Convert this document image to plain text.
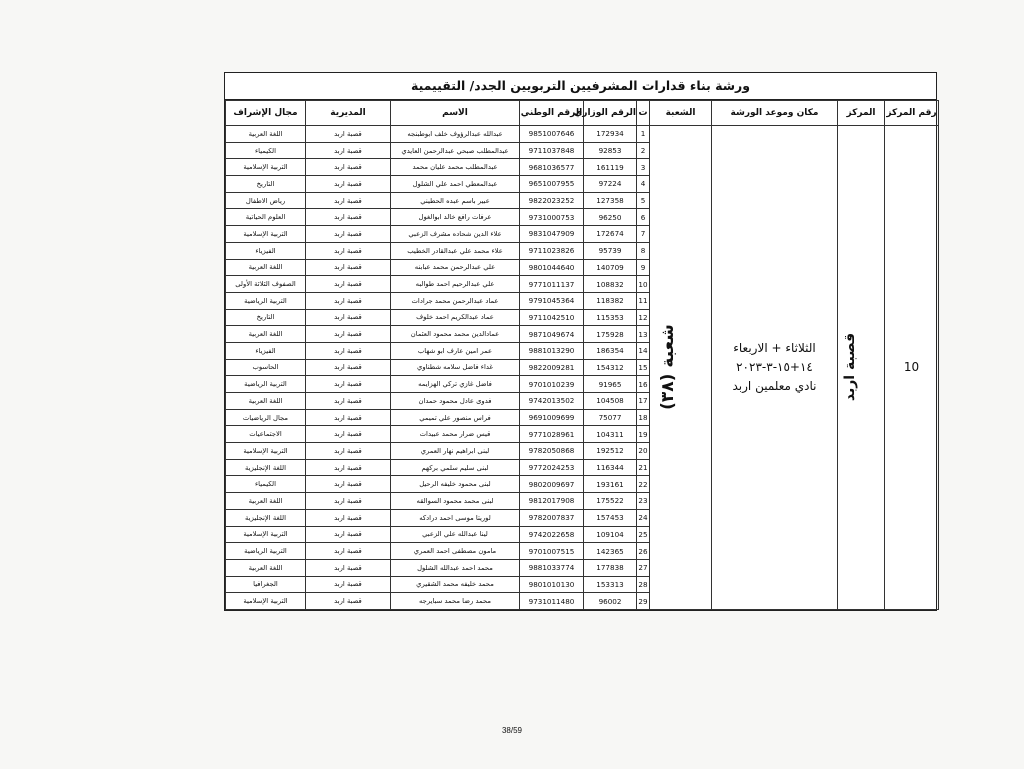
ورشة بناء قدارات المشرفيين التربويين الجدد/ التقييمية
رقم المركز	المركز	مكان وموعد الورشة	الشعبة	ت	الرقم الوزاري	الرقم الوطني	الاسم	المديرية	مجال الإشراف
10	قصبة اربد	الثلاثاء + الاربعاء
١٤+١٥-٣-٢٠٢٣
نادي معلمين اربد	شعبة (٣٨)	1	172934	9851007646	عبدالله عبدالرؤوف خلف ابوطبنجه	قصبة اربد	اللغة العربية
				2	92853	9711037848	عبدالمطلب صبحي عبدالرحمن العايدي	قصبة اربد	الكيمياء
				3	161119	9681036577	عبدالمطلب محمد عليان محمد	قصبة اربد	التربية الإسلامية
				4	97224	9651007955	عبدالمعطي احمد علي الشلول	قصبة اربد	التاريخ
				5	127358	9822023252	عبير باسم عبده الحطيني	قصبة اربد	رياض الاطفال
				6	96250	9731000753	عرفات رافع خالد ابوالغول	قصبة اربد	العلوم الحياتية
				7	172674	9831047909	علاء الدين شحاده مشرف الزعبي	قصبة اربد	التربية الإسلامية
				8	95739	9711023826	علاء محمد علي عبدالقادر الخطيب	قصبة اربد	الفيزياء
				9	140709	9801044640	علي عبدالرحمن محمد عبابنه	قصبة اربد	اللغة العربية
				10	108832	9771011137	علي عبدالرحيم احمد طوالبه	قصبة اربد	الصفوف الثلاثة الأولى
				11	118382	9791045364	عماد عبدالرحمن محمد جرادات	قصبة اربد	التربية الرياضية
				12	115353	9711042510	عماد عبدالكريم احمد خلوف	قصبة اربد	التاريخ
				13	175928	9871049674	عمادالدين محمد محمود العثمان	قصبة اربد	اللغة العربية
				14	186354	9881013290	عمر امين عارف ابو شهاب	قصبة اربد	الفيزياء
				15	154312	9822009281	غداء فاضل سلامه شطناوي	قصبة اربد	الحاسوب
				16	91965	9701010239	فاضل غازي تركي الهزايمه	قصبة اربد	التربية الرياضية
				17	104508	9742013502	فدوى عادل محمود حمدان	قصبة اربد	اللغة العربية
				18	75077	9691009699	فراس منصور علي تميمي	قصبة اربد	مجال الرياضيات
				19	104311	9771028961	قيس ضرار محمد عبيدات	قصبة اربد	الاجتماعيات
				20	192512	9782050868	لبنى ابراهيم نهار العمري	قصبة اربد	التربية الإسلامية
				21	116344	9772024253	لبنى سليم سلمي بركهم	قصبة اربد	اللغة الإنجليزية
				22	193161	9802009697	لبنى محمود خليفه الرحيل	قصبة اربد	الكيمياء
				23	175522	9812017908	لبنى محمد محمود السوالقه	قصبة اربد	اللغة العربية
				24	157453	9782007837	لوريتا موسى احمد درادكه	قصبة اربد	اللغة الإنجليزية
				25	109104	9742022658	لينا عبدالله علي الزعبي	قصبة اربد	التربية الإسلامية
				26	142365	9701007515	مامون مصطفى احمد العمري	قصبة اربد	التربية الرياضية
				27	177838	9881033774	محمد احمد عبدالله الشلول	قصبة اربد	اللغة العربية
				28	153313	9801010130	محمد خليفه محمد الشقيري	قصبة اربد	الجغرافيا
				29	96002	9731011480	محمد رضا محمد سبايرجه	قصبة اربد	التربية الإسلامية
38/59
